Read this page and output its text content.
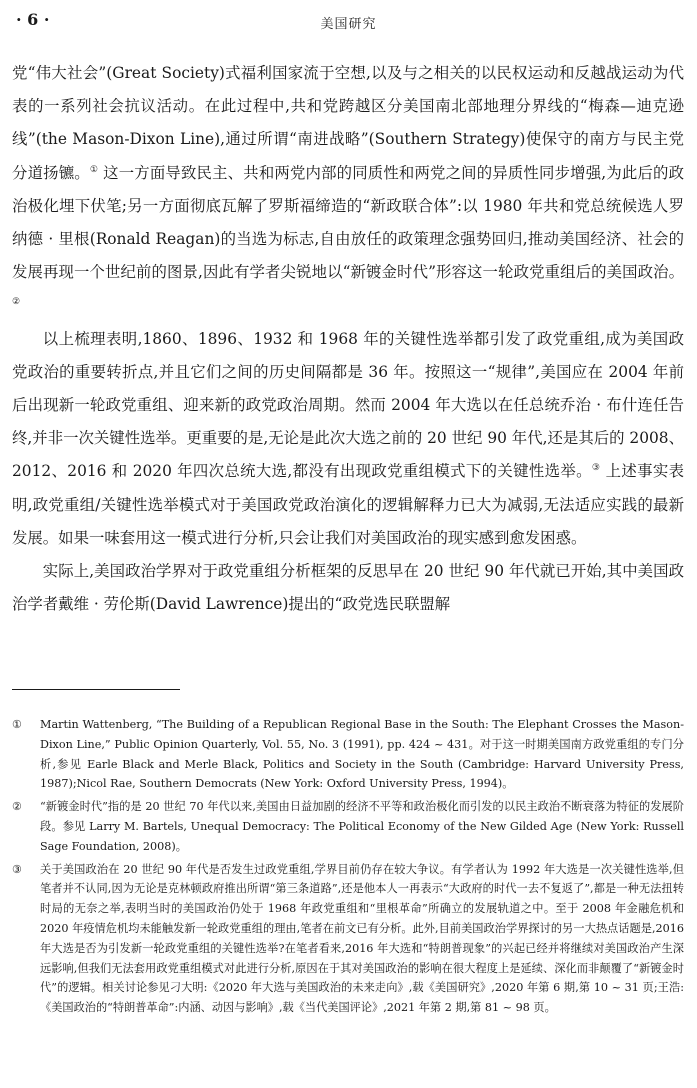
· 6 ·	美国研究

党“伟大社会”(Great Society)式福利国家流于空想,以及与之相关的以民权运动和反越战运动为代表的一系列社会抗议活动。在此过程中,共和党跨越区分美国南北部地理分界线的“梅森—迪克逊线”(the Mason-Dixon Line),通过所谓“南进战略”(Southern Strategy)使保守的南方与民主党分道扬镳。① 这一方面导致民主、共和两党内部的同质性和两党之间的异质性同步增强,为此后的政治极化埋下伏笔;另一方面彻底瓦解了罗斯福缔造的“新政联合体”:以 1980 年共和党总统候选人罗纳德 · 里根(Ronald Reagan)的当选为标志,自由放任的政策理念强势回归,推动美国经济、社会的发展再现一个世纪前的图景,因此有学者尖锐地以“新镀金时代”形容这一轮政党重组后的美国政治。②

以上梳理表明,1860、1896、1932 和 1968 年的关键性选举都引发了政党重组,成为美国政党政治的重要转折点,并且它们之间的历史间隔都是 36 年。按照这一“规律”,美国应在 2004 年前后出现新一轮政党重组、迎来新的政党政治周期。然而 2004 年大选以在任总统乔治 · 布什连任告终,并非一次关键性选举。更重要的是,无论是此次大选之前的 20 世纪 90 年代,还是其后的 2008、2012、2016 和 2020 年四次总统大选,都没有出现政党重组模式下的关键性选举。③ 上述事实表明,政党重组/关键性选举模式对于美国政党政治演化的逻辑解释力已大为减弱,无法适应实践的最新发展。如果一味套用这一模式进行分析,只会让我们对美国政治的现实感到愈发困惑。

实际上,美国政治学界对于政党重组分析框架的反思早在 20 世纪 90 年代就已开始,其中美国政治学者戴维 · 劳伦斯(David Lawrence)提出的“政党选民联盟解

①	Martin Wattenberg, “The Building of a Republican Regional Base in the South: The Elephant Crosses the Mason-Dixon Line,” Public Opinion Quarterly, Vol. 55, No. 3 (1991), pp. 424 ~ 431。对于这一时期美国南方政党重组的专门分析,参见 Earle Black and Merle Black, Politics and Society in the South (Cambridge: Harvard University Press, 1987);Nicol Rae, Southern Democrats (New York: Oxford University Press, 1994)。
②	“新镀金时代”指的是 20 世纪 70 年代以来,美国由日益加剧的经济不平等和政治极化而引发的以民主政治不断衰落为特征的发展阶段。参见 Larry M. Bartels, Unequal Democracy: The Political Economy of the New Gilded Age (New York: Russell Sage Foundation, 2008)。
③	关于美国政治在 20 世纪 90 年代是否发生过政党重组,学界目前仍存在较大争议。有学者认为 1992 年大选是一次关键性选举,但笔者并不认同,因为无论是克林顿政府推出所谓“第三条道路”,还是他本人一再表示“大政府的时代一去不复返了”,都是一种无法扭转时局的无奈之举,表明当时的美国政治仍处于 1968 年政党重组和“里根革命”所确立的发展轨道之中。至于 2008 年金融危机和 2020 年疫情危机均未能触发新一轮政党重组的理由,笔者在前文已有分析。此外,目前美国政治学界探讨的另一大热点话题是,2016 年大选是否为引发新一轮政党重组的关键性选举?在笔者看来,2016 年大选和“特朗普现象”的兴起已经并将继续对美国政治产生深远影响,但我们无法套用政党重组模式对此进行分析,原因在于其对美国政治的影响在很大程度上是延续、深化而非颠覆了“新镀金时代”的逻辑。相关讨论参见刁大明:《2020 年大选与美国政治的未来走向》,载《美国研究》,2020 年第 6 期,第 10 ~ 31 页;王浩:《美国政治的“特朗普革命”:内涵、动因与影响》,载《当代美国评论》,2021 年第 2 期,第 81 ~ 98 页。
